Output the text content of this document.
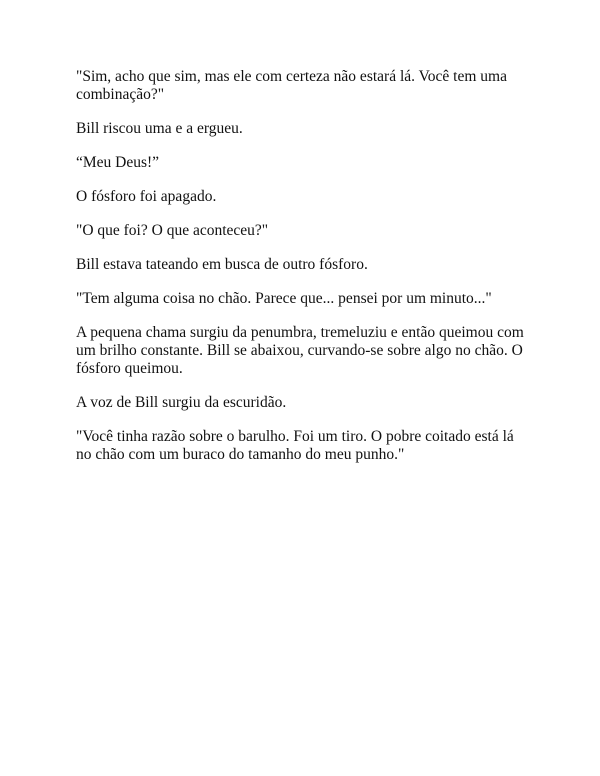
"Sim, acho que sim, mas ele com certeza não estará lá. Você tem uma combinação?"

Bill riscou uma e a ergueu.

“Meu Deus!”

O fósforo foi apagado.

"O que foi? O que aconteceu?"

Bill estava tateando em busca de outro fósforo.

"Tem alguma coisa no chão. Parece que... pensei por um minuto..."

A pequena chama surgiu da penumbra, tremeluziu e então queimou com um brilho constante. Bill se abaixou, curvando-se sobre algo no chão. O fósforo queimou.

A voz de Bill surgiu da escuridão.

"Você tinha razão sobre o barulho. Foi um tiro. O pobre coitado está lá no chão com um buraco do tamanho do meu punho."
